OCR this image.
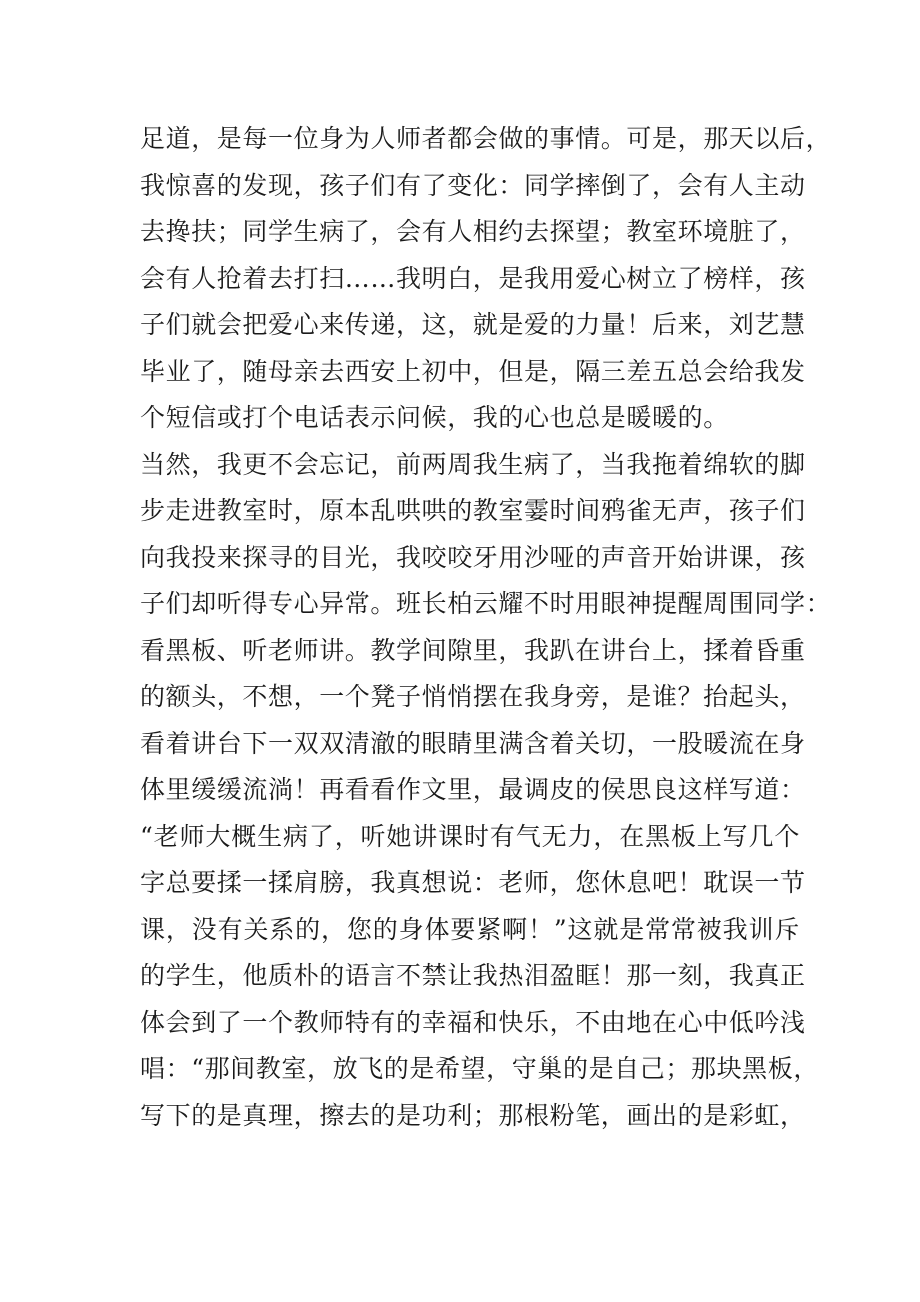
足道，是每一位身为人师者都会做的事情。可是，那天以后，
我惊喜的发现，孩子们有了变化：同学摔倒了，会有人主动
去搀扶；同学生病了，会有人相约去探望；教室环境脏了，
会有人抢着去打扫……我明白，是我用爱心树立了榜样，孩
子们就会把爱心来传递，这，就是爱的力量！后来，刘艺慧
毕业了，随母亲去西安上初中，但是，隔三差五总会给我发
个短信或打个电话表示问候，我的心也总是暖暖的。
当然，我更不会忘记，前两周我生病了，当我拖着绵软的脚
步走进教室时，原本乱哄哄的教室霎时间鸦雀无声，孩子们
向我投来探寻的目光，我咬咬牙用沙哑的声音开始讲课，孩
子们却听得专心异常。班长柏云耀不时用眼神提醒周围同学：
看黑板、听老师讲。教学间隙里，我趴在讲台上，揉着昏重
的额头，不想，一个凳子悄悄摆在我身旁，是谁？抬起头，
看着讲台下一双双清澈的眼睛里满含着关切，一股暖流在身
体里缓缓流淌！再看看作文里，最调皮的侯思良这样写道：
“老师大概生病了，听她讲课时有气无力，在黑板上写几个
字总要揉一揉肩膀，我真想说：老师，您休息吧！耽误一节
课，没有关系的，您的身体要紧啊！”这就是常常被我训斥
的学生，他质朴的语言不禁让我热泪盈眶！那一刻，我真正
体会到了一个教师特有的幸福和快乐，不由地在心中低吟浅
唱：“那间教室，放飞的是希望，守巢的是自己；那块黑板，
写下的是真理，擦去的是功利；那根粉笔，画出的是彩虹，
